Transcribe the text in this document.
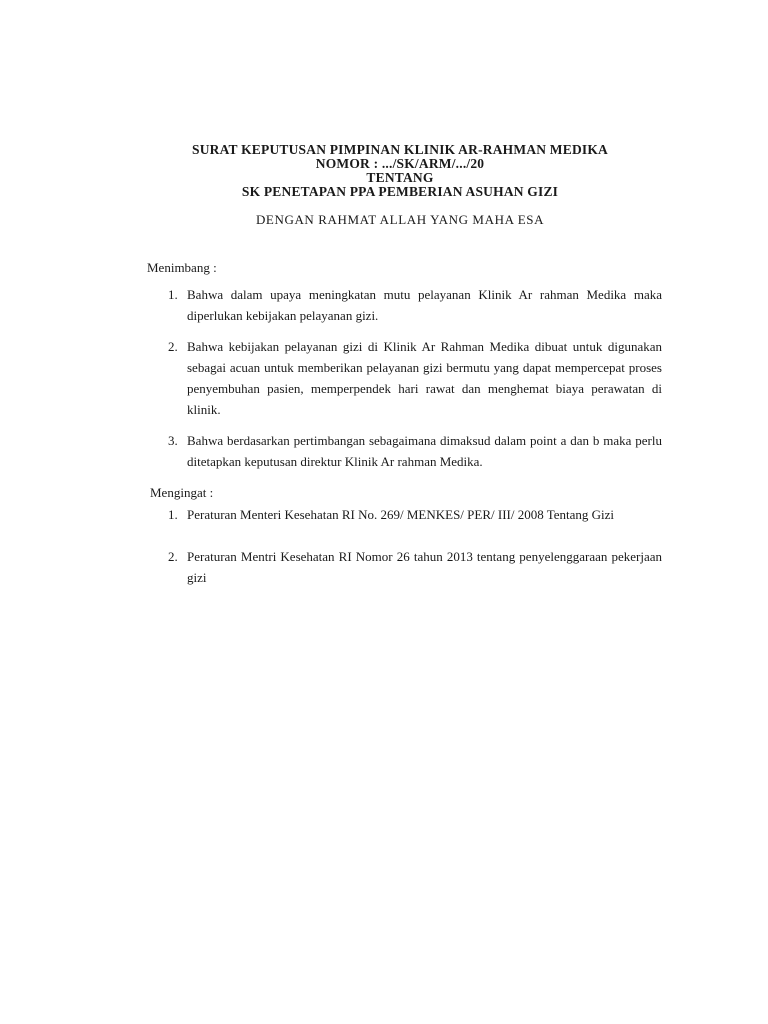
SURAT KEPUTUSAN PIMPINAN KLINIK AR-RAHMAN MEDIKA
NOMOR : .../SK/ARM/.../20
TENTANG
SK PENETAPAN PPA PEMBERIAN ASUHAN GIZI
DENGAN RAHMAT ALLAH YANG MAHA ESA
Menimbang :
1. Bahwa dalam upaya meningkatan mutu pelayanan Klinik Ar rahman Medika maka diperlukan kebijakan pelayanan gizi.
2. Bahwa kebijakan pelayanan gizi di Klinik Ar Rahman Medika dibuat untuk digunakan sebagai acuan untuk memberikan pelayanan gizi bermutu yang dapat mempercepat proses penyembuhan pasien, memperpendek hari rawat dan menghemat biaya perawatan di klinik.
3. Bahwa berdasarkan pertimbangan sebagaimana dimaksud dalam point a dan b maka perlu ditetapkan keputusan direktur Klinik Ar rahman Medika.
Mengingat :
1. Peraturan Menteri Kesehatan RI No. 269/ MENKES/ PER/ III/ 2008 Tentang Gizi
2. Peraturan Mentri Kesehatan RI Nomor 26 tahun 2013 tentang penyelenggaraan pekerjaan gizi
